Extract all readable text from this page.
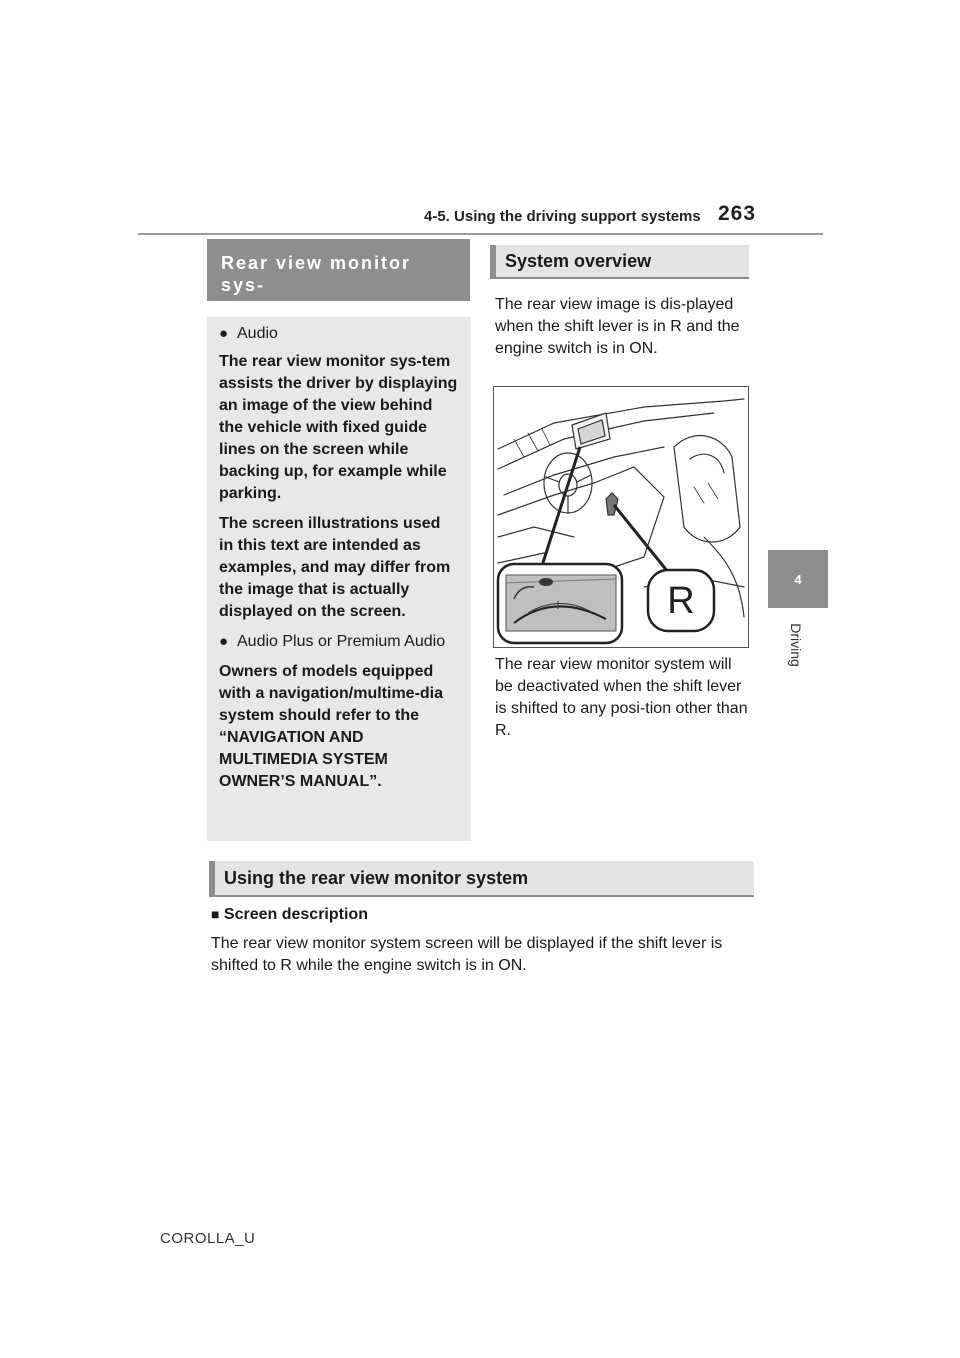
4-5. Using the driving support systems 263
4
Driving
Rear view monitor sys-
tem
● Audio

The rear view monitor sys-tem assists the driver by displaying an image of the view behind the vehicle with fixed guide lines on the screen while backing up, for example while parking.

The screen illustrations used in this text are intended as examples, and may differ from the image that is actually displayed on the screen.

● Audio Plus or Premium Audio

Owners of models equipped with a navigation/multime-dia system should refer to the “NAVIGATION AND MULTIMEDIA SYSTEM OWNER’S MANUAL”.

System overview
The rear view image is dis-played when the shift lever is in R and the engine switch is in ON.
R
The rear view monitor system will be deactivated when the shift lever is shifted to any posi-tion other than R.
Using the rear view monitor system
■ Screen description
The rear view monitor system screen will be displayed if the shift lever is shifted to R while the engine switch is in ON.
COROLLA_U
